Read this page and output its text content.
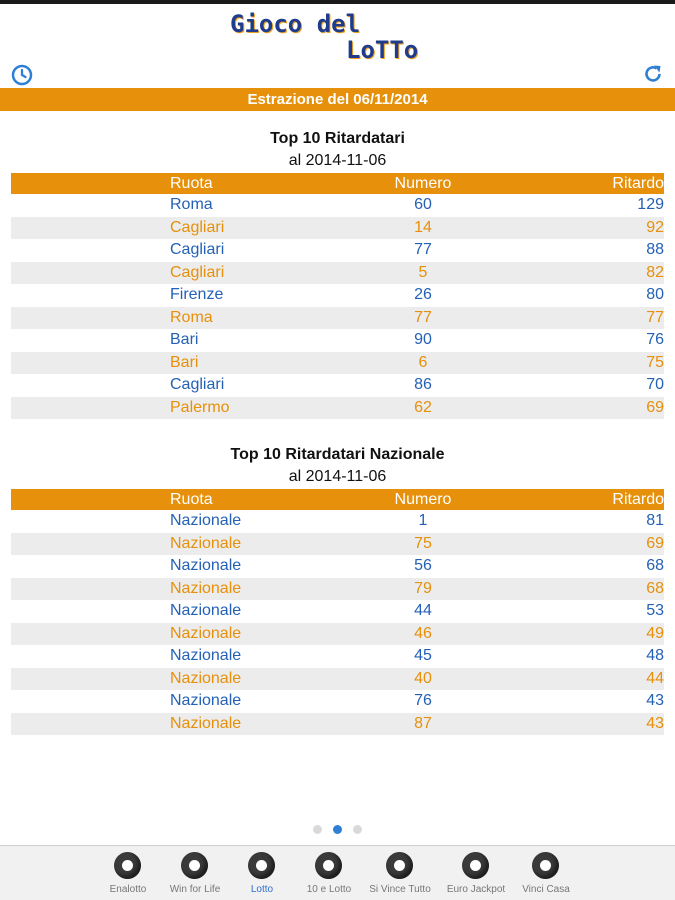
Gioco del
LoTTo
Estrazione del 06/11/2014
Top 10 Ritardatari
al 2014-11-06
	Ruota	Numero	Ritardo
	Roma	60	129
	Cagliari	14	92
	Cagliari	77	88
	Cagliari	5	82
	Firenze	26	80
	Roma	77	77
	Bari	90	76
	Bari	6	75
	Cagliari	86	70
	Palermo	62	69
Top 10 Ritardatari Nazionale
al 2014-11-06
	Ruota	Numero	Ritardo
	Nazionale	1	81
	Nazionale	75	69
	Nazionale	56	68
	Nazionale	79	68
	Nazionale	44	53
	Nazionale	46	49
	Nazionale	45	48
	Nazionale	40	44
	Nazionale	76	43
	Nazionale	87	43
Enalotto	Win for Life	Lotto	10 e Lotto	Si Vince Tutto	Euro Jackpot	Vinci Casa
